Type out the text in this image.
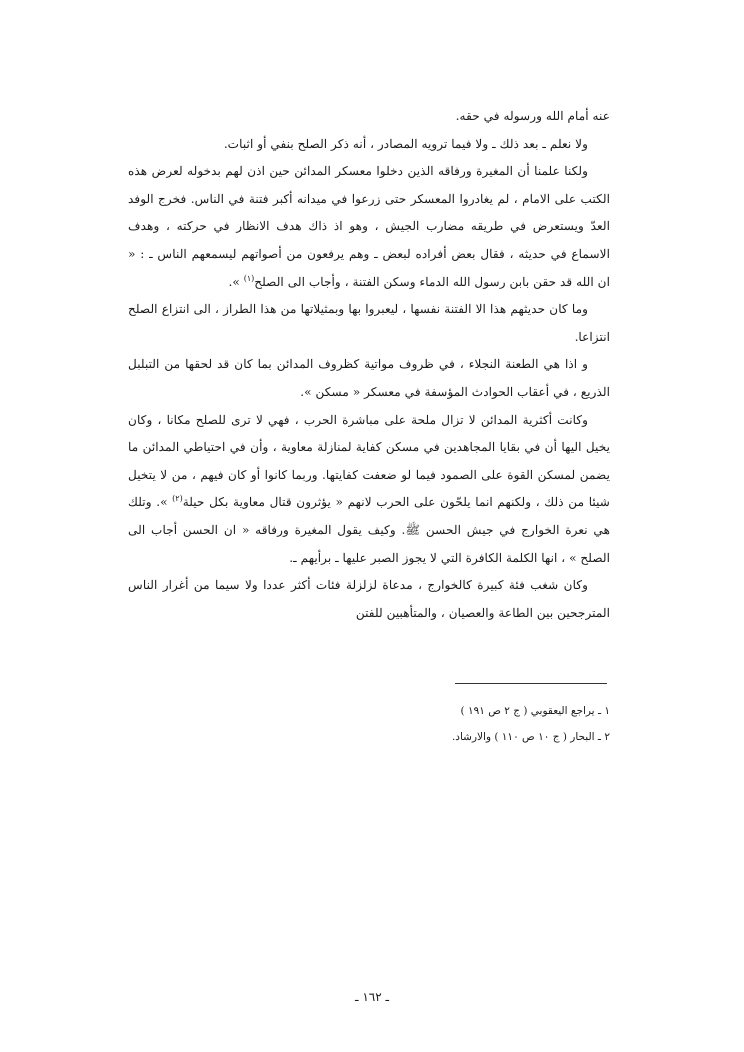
عنه أمام الله ورسوله في حقه.

ولا نعلم ـ بعد ذلك ـ ولا فيما ترويه المصادر ، أنه ذكر الصلح بنفي أو اثبات.

ولكنا علمنا أن المغيرة ورفاقه الذين دخلوا معسكر المدائن حين اذن لهم بدخوله لعرض هذه الكتب على الامام ، لم يغادروا المعسكر حتى زرعوا في ميدانه أكبر فتنة في الناس. فخرج الوفد العدّ ويستعرض في طريقه مضارب الجيش ، وهو اذ ذاك هدف الانظار في حركته ، وهدف الاسماع في حديثه ، فقال بعض أفراده لبعض ـ وهم يرفعون من أصواتهم ليسمعهم الناس ـ : « ان الله قد حقن بابن رسول الله الدماء وسكن الفتنة ، وأجاب الى الصلح$^{(١)}$ ».

وما كان حديثهم هذا الا الفتنة نفسها ، ليعبروا بها وبمثيلاتها من هذا الطراز ، الى انتزاع الصلح انتزاعا.

و اذا هي الطعنة النجلاء ، في ظروف مواتية كظروف المدائن بما كان قد لحقها من التبلبل الذريع ، في أعقاب الحوادث المؤسفة في معسكر « مسكن ».

وكانت أكثرية المدائن لا تزال ملحة على مباشرة الحرب ، فهي لا ترى للصلح مكانا ، وكان يخيل اليها أن في بقايا المجاهدين في مسكن كفاية لمنازلة معاوية ، وأن في احتياطي المدائن ما يضمن لمسكن القوة على الصمود فيما لو ضعفت كفايتها. وربما كانوا أو كان فيهم ، من لا يتخيل شيئا من ذلك ، ولكنهم انما يلحّون على الحرب لانهم « يؤثرون قتال معاوية بكل حيلة$^{(٢)}$ ». وتلك هي نعرة الخوارج في جيش الحسن ﷺ. وكيف يقول المغيرة ورفاقه « ان الحسن أجاب الى الصلح » ، انها الكلمة الكافرة التي لا يجوز الصبر عليها ـ برأيهم ـ.

وكان شغب فئة كبيرة كالخوارج ، مدعاة لزلزلة فئات أكثر عددا ولا سيما من أغرار الناس المترجحين بين الطاعة والعصيان ، والمتأهبين للفتن

١ ـ يراجع اليعقوبي ( ج ٢ ص ١٩١ )

٢ ـ البحار ( ج ١٠ ص ١١٠ ) والارشاد.

ـ ١٦٢ ـ
